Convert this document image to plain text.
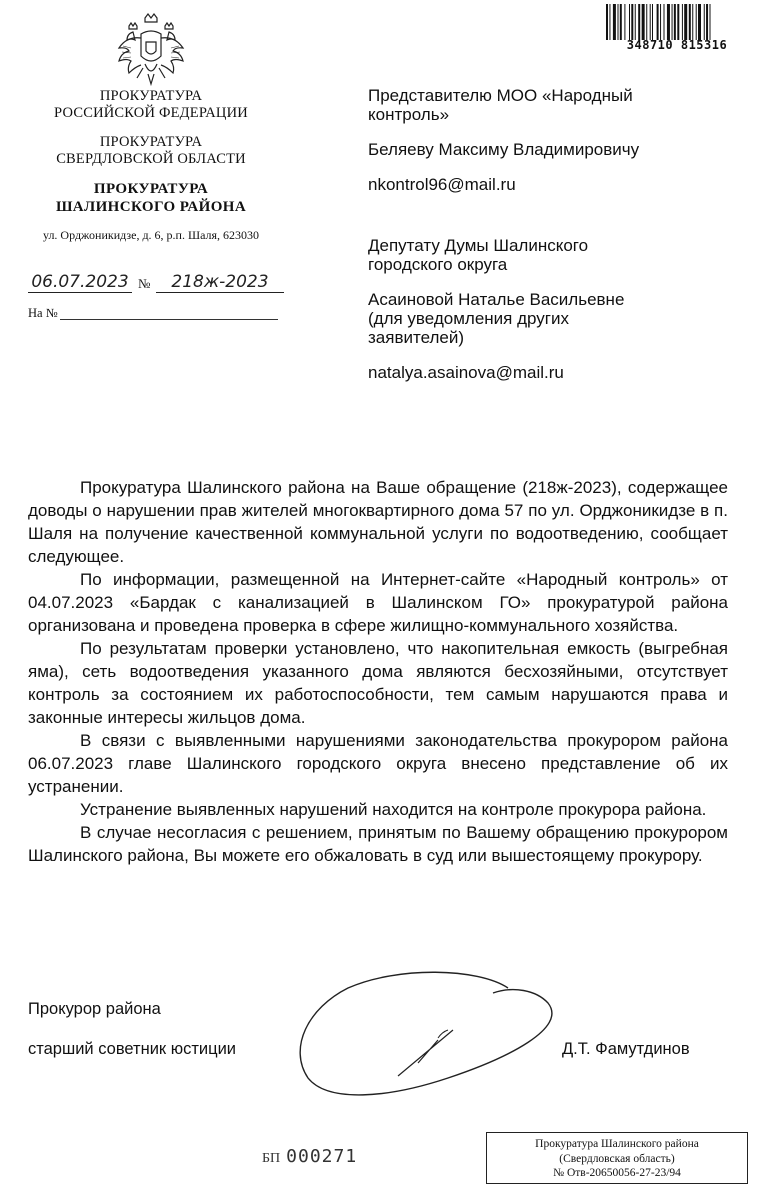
348710 815316
ПРОКУРАТУРА
РОССИЙСКОЙ ФЕДЕРАЦИИ
ПРОКУРАТУРА
СВЕРДЛОВСКОЙ ОБЛАСТИ
ПРОКУРАТУРА
ШАЛИНСКОГО РАЙОНА
ул. Орджоникидзе, д. 6, р.п. Шаля, 623030
06.07.2023 №	218ж-2023
На №
Представителю МОО «Народный
контроль»
Беляеву Максиму Владимировичу
nkontrol96@mail.ru
Депутату Думы Шалинского
городского округа
Асаиновой Наталье Васильевне
(для уведомления других
заявителей)
natalya.asainova@mail.ru

Прокуратура Шалинского района на Ваше обращение (218ж-2023), содержащее доводы о нарушении прав жителей многоквартирного дома 57 по ул. Орджоникидзе в п. Шаля на получение качественной коммунальной услуги по водоотведению, сообщает следующее.

По информации, размещенной на Интернет-сайте «Народный контроль» от 04.07.2023 «Бардак с канализацией в Шалинском ГО» прокуратурой района организована и проведена проверка в сфере жилищно-коммунального хозяйства.

По результатам проверки установлено, что накопительная емкость (выгребная яма), сеть водоотведения указанного дома являются бесхозяйными, отсутствует контроль за состоянием их работоспособности, тем самым нарушаются права и законные интересы жильцов дома.

В связи с выявленными нарушениями законодательства прокурором района 06.07.2023 главе Шалинского городского округа внесено представление об их устранении.

Устранение выявленных нарушений находится на контроле прокурора района.

В случае несогласия с решением, принятым по Вашему обращению прокурором Шалинского района, Вы можете его обжаловать в суд или вышестоящему прокурору.

Прокурор района
старший советник юстиции	Д.Т. Фамутдинов
БП 000271
Прокуратура Шалинского района
(Свердловская область)
№ Отв-20650056-27-23/94
